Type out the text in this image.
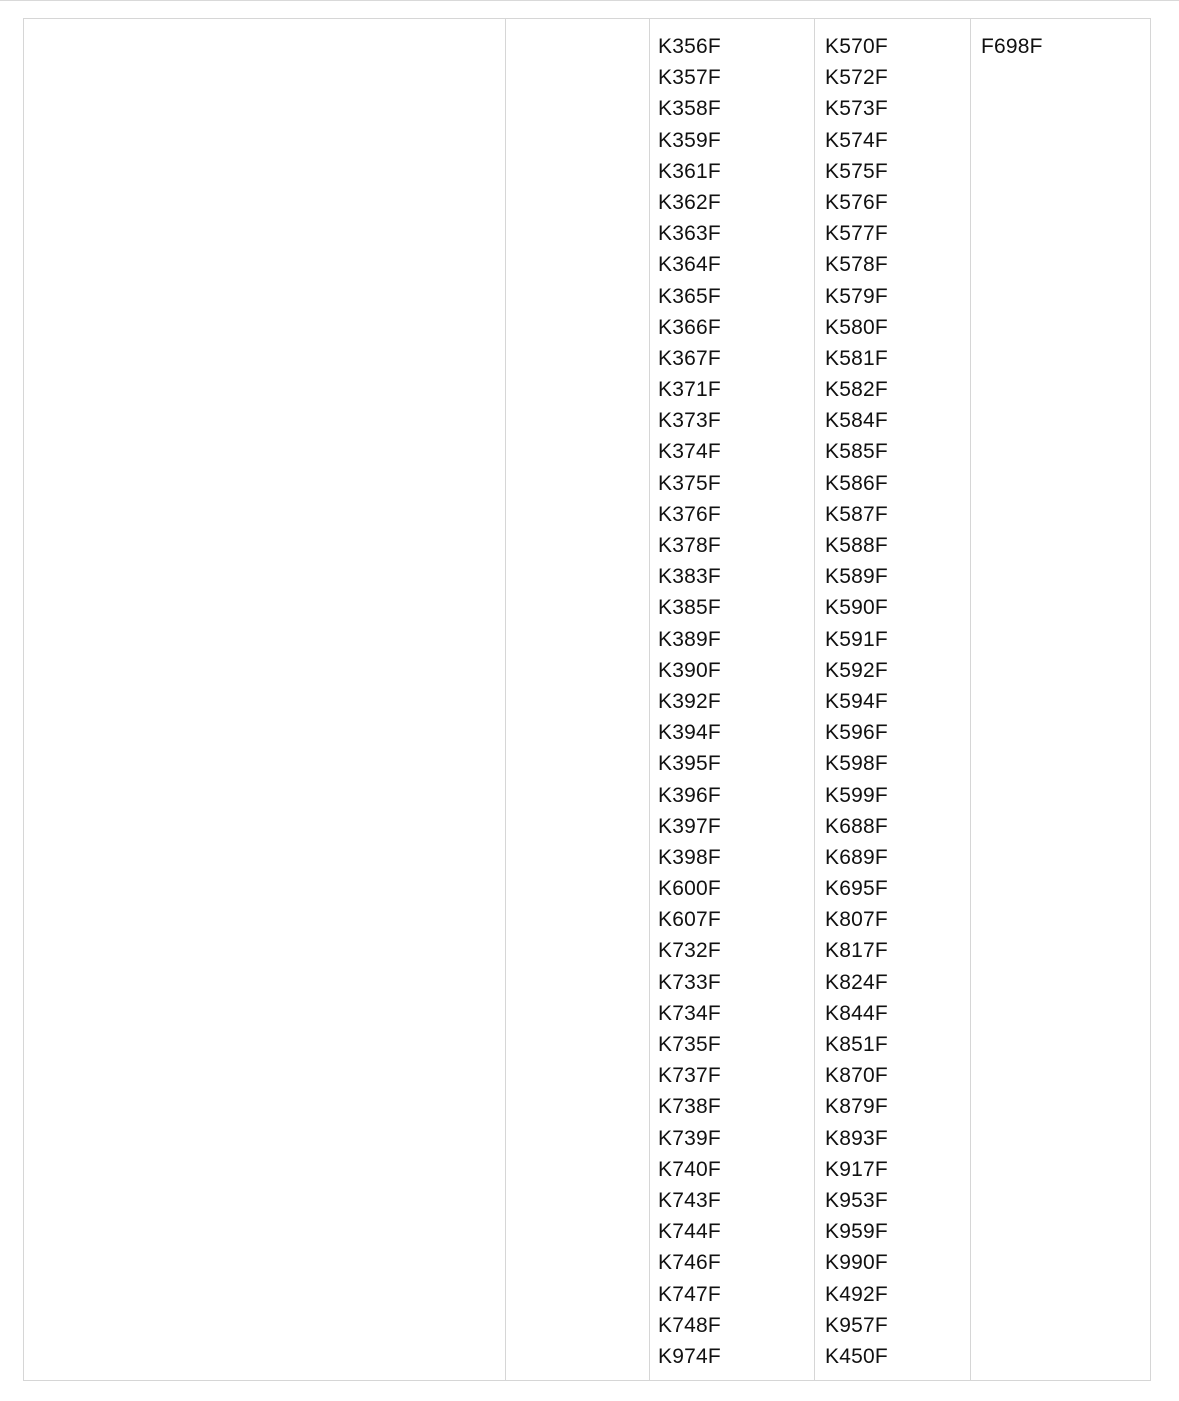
K356F
K357F
K358F
K359F
K361F
K362F
K363F
K364F
K365F
K366F
K367F
K371F
K373F
K374F
K375F
K376F
K378F
K383F
K385F
K389F
K390F
K392F
K394F
K395F
K396F
K397F
K398F
K600F
K607F
K732F
K733F
K734F
K735F
K737F
K738F
K739F
K740F
K743F
K744F
K746F
K747F
K748F
K974F
K570F
K572F
K573F
K574F
K575F
K576F
K577F
K578F
K579F
K580F
K581F
K582F
K584F
K585F
K586F
K587F
K588F
K589F
K590F
K591F
K592F
K594F
K596F
K598F
K599F
K688F
K689F
K695F
K807F
K817F
K824F
K844F
K851F
K870F
K879F
K893F
K917F
K953F
K959F
K990F
K492F
K957F
K450F
F698F
